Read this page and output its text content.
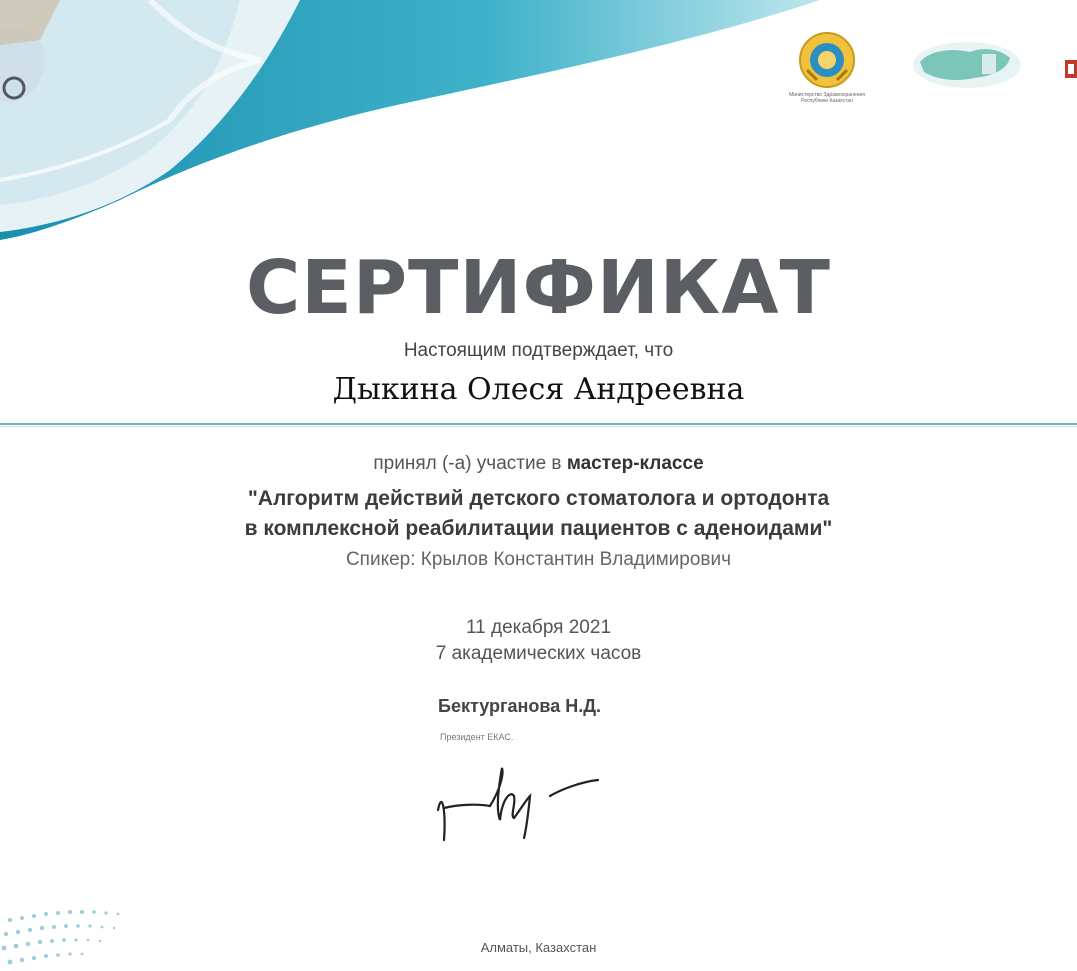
Министерство Здравоохранения Республики Казахстан
СЕРТИФИКАТ
Настоящим подтверждает, что
Дыкина Олеся Андреевна
принял (-а) участие в мастер-классе
"Алгоритм действий детского стоматолога и ортодонта
в комплексной реабилитации пациентов с аденоидами"
Спикер: Крылов Константин Владимирович
11 декабря 2021
7 академических часов
Бектурганова Н.Д.
Президент ЕКАС.
Алматы, Казахстан
